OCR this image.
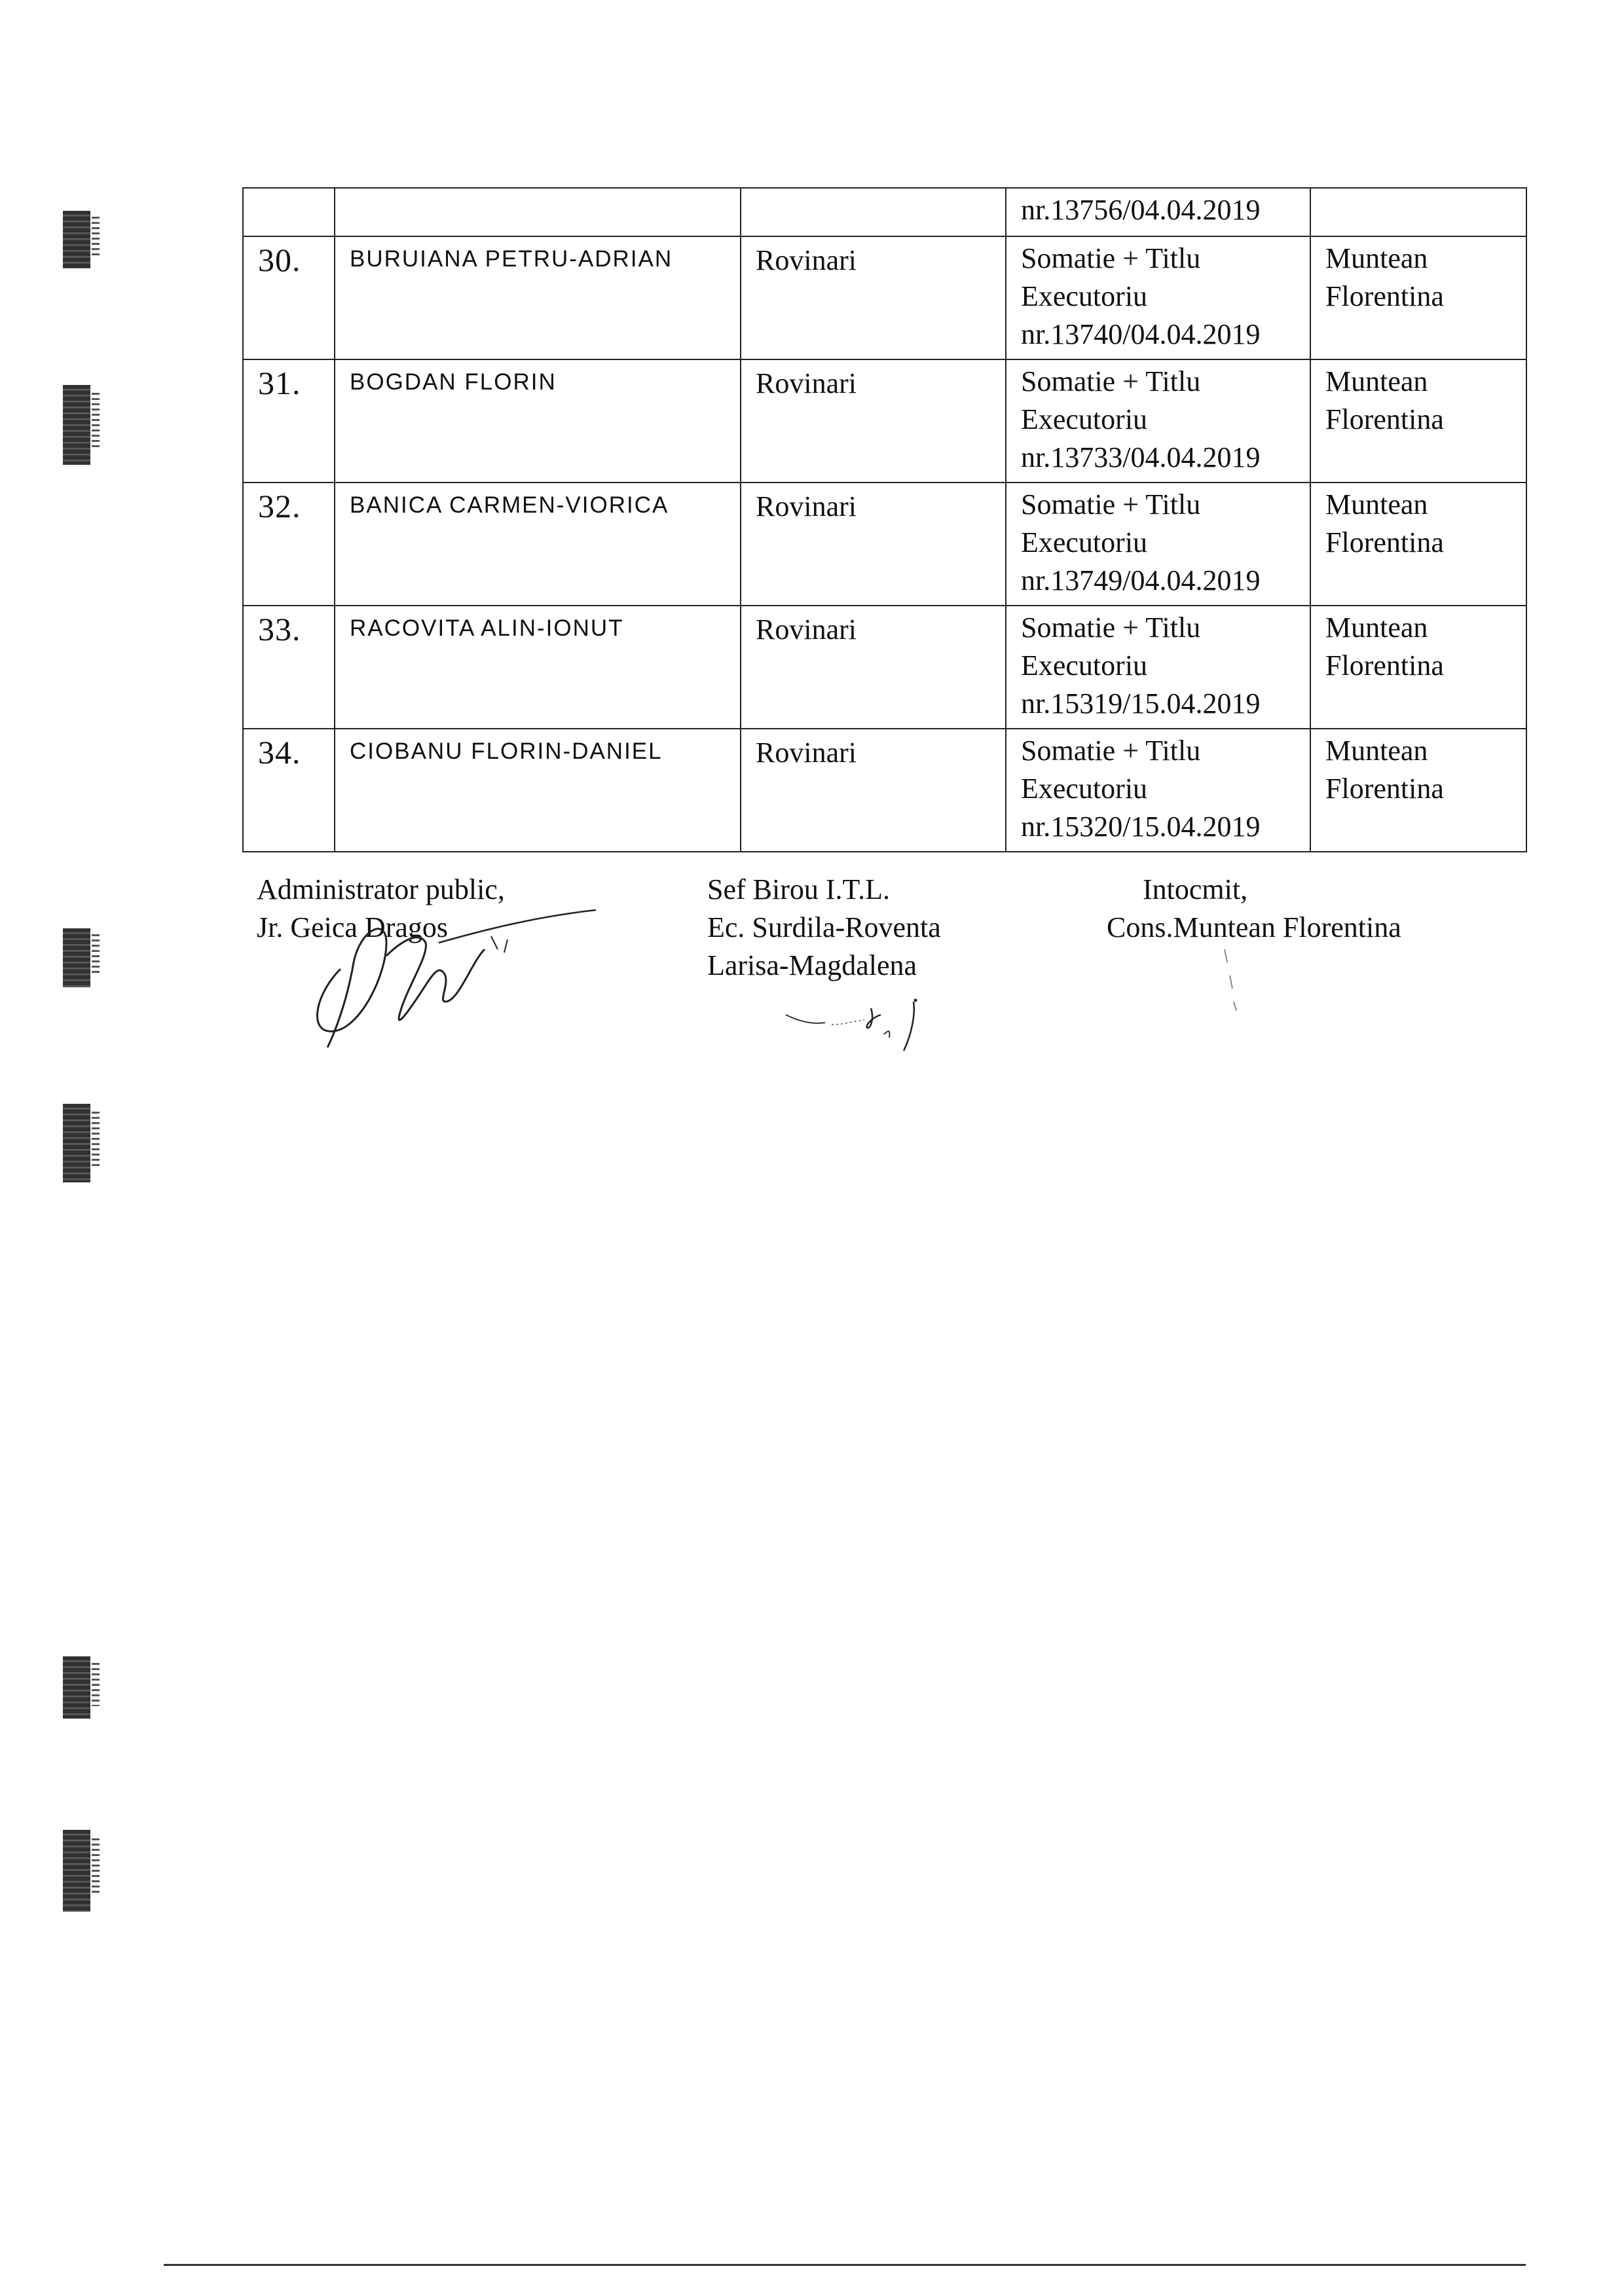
			nr.13756/04.04.2019	

30.	BURUIANA PETRU-ADRIAN	Rovinari	Somatie + Titlu
Executoriu
nr.13740/04.04.2019	Muntean
Florentina

31.	BOGDAN FLORIN	Rovinari	Somatie + Titlu
Executoriu
nr.13733/04.04.2019	Muntean
Florentina

32.	BANICA CARMEN-VIORICA	Rovinari	Somatie + Titlu
Executoriu
nr.13749/04.04.2019	Muntean
Florentina

33.	RACOVITA ALIN-IONUT	Rovinari	Somatie + Titlu
Executoriu
nr.15319/15.04.2019	Muntean
Florentina

34.	CIOBANU FLORIN-DANIEL	Rovinari	Somatie + Titlu
Executoriu
nr.15320/15.04.2019	Muntean
Florentina
Administrator public,
Jr. Geica Dragos
Sef Birou I.T.L.
Ec. Surdila-Roventa
Larisa-Magdalena
Intocmit,
Cons.Muntean Florentina
